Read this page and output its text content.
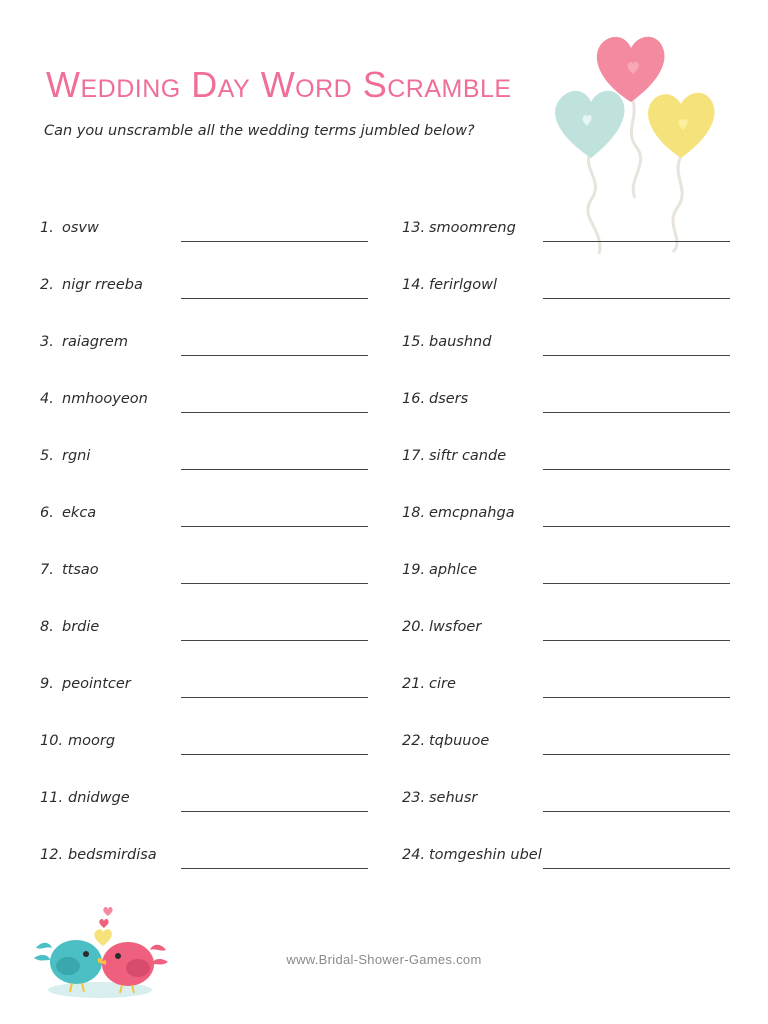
Wedding Day Word Scramble

Can you unscramble all the wedding terms jumbled below?

1. osvw
2. nigr rreeba
3. raiagrem
4. nmhooyeon
5. rgni
6. ekca
7. ttsao
8. brdie
9. peointcer
10. moorg
11. dnidwge
12. bedsmirdisa
13. smoomreng
14. ferirlgowl
15. baushnd
16. dsers
17. siftr cande
18. emcpnahga
19. aphlce
20. lwsfoer
21. cire
22. tqbuuoe
23. sehusr
24. tomgeshin ubel
www.Bridal-Shower-Games.com
